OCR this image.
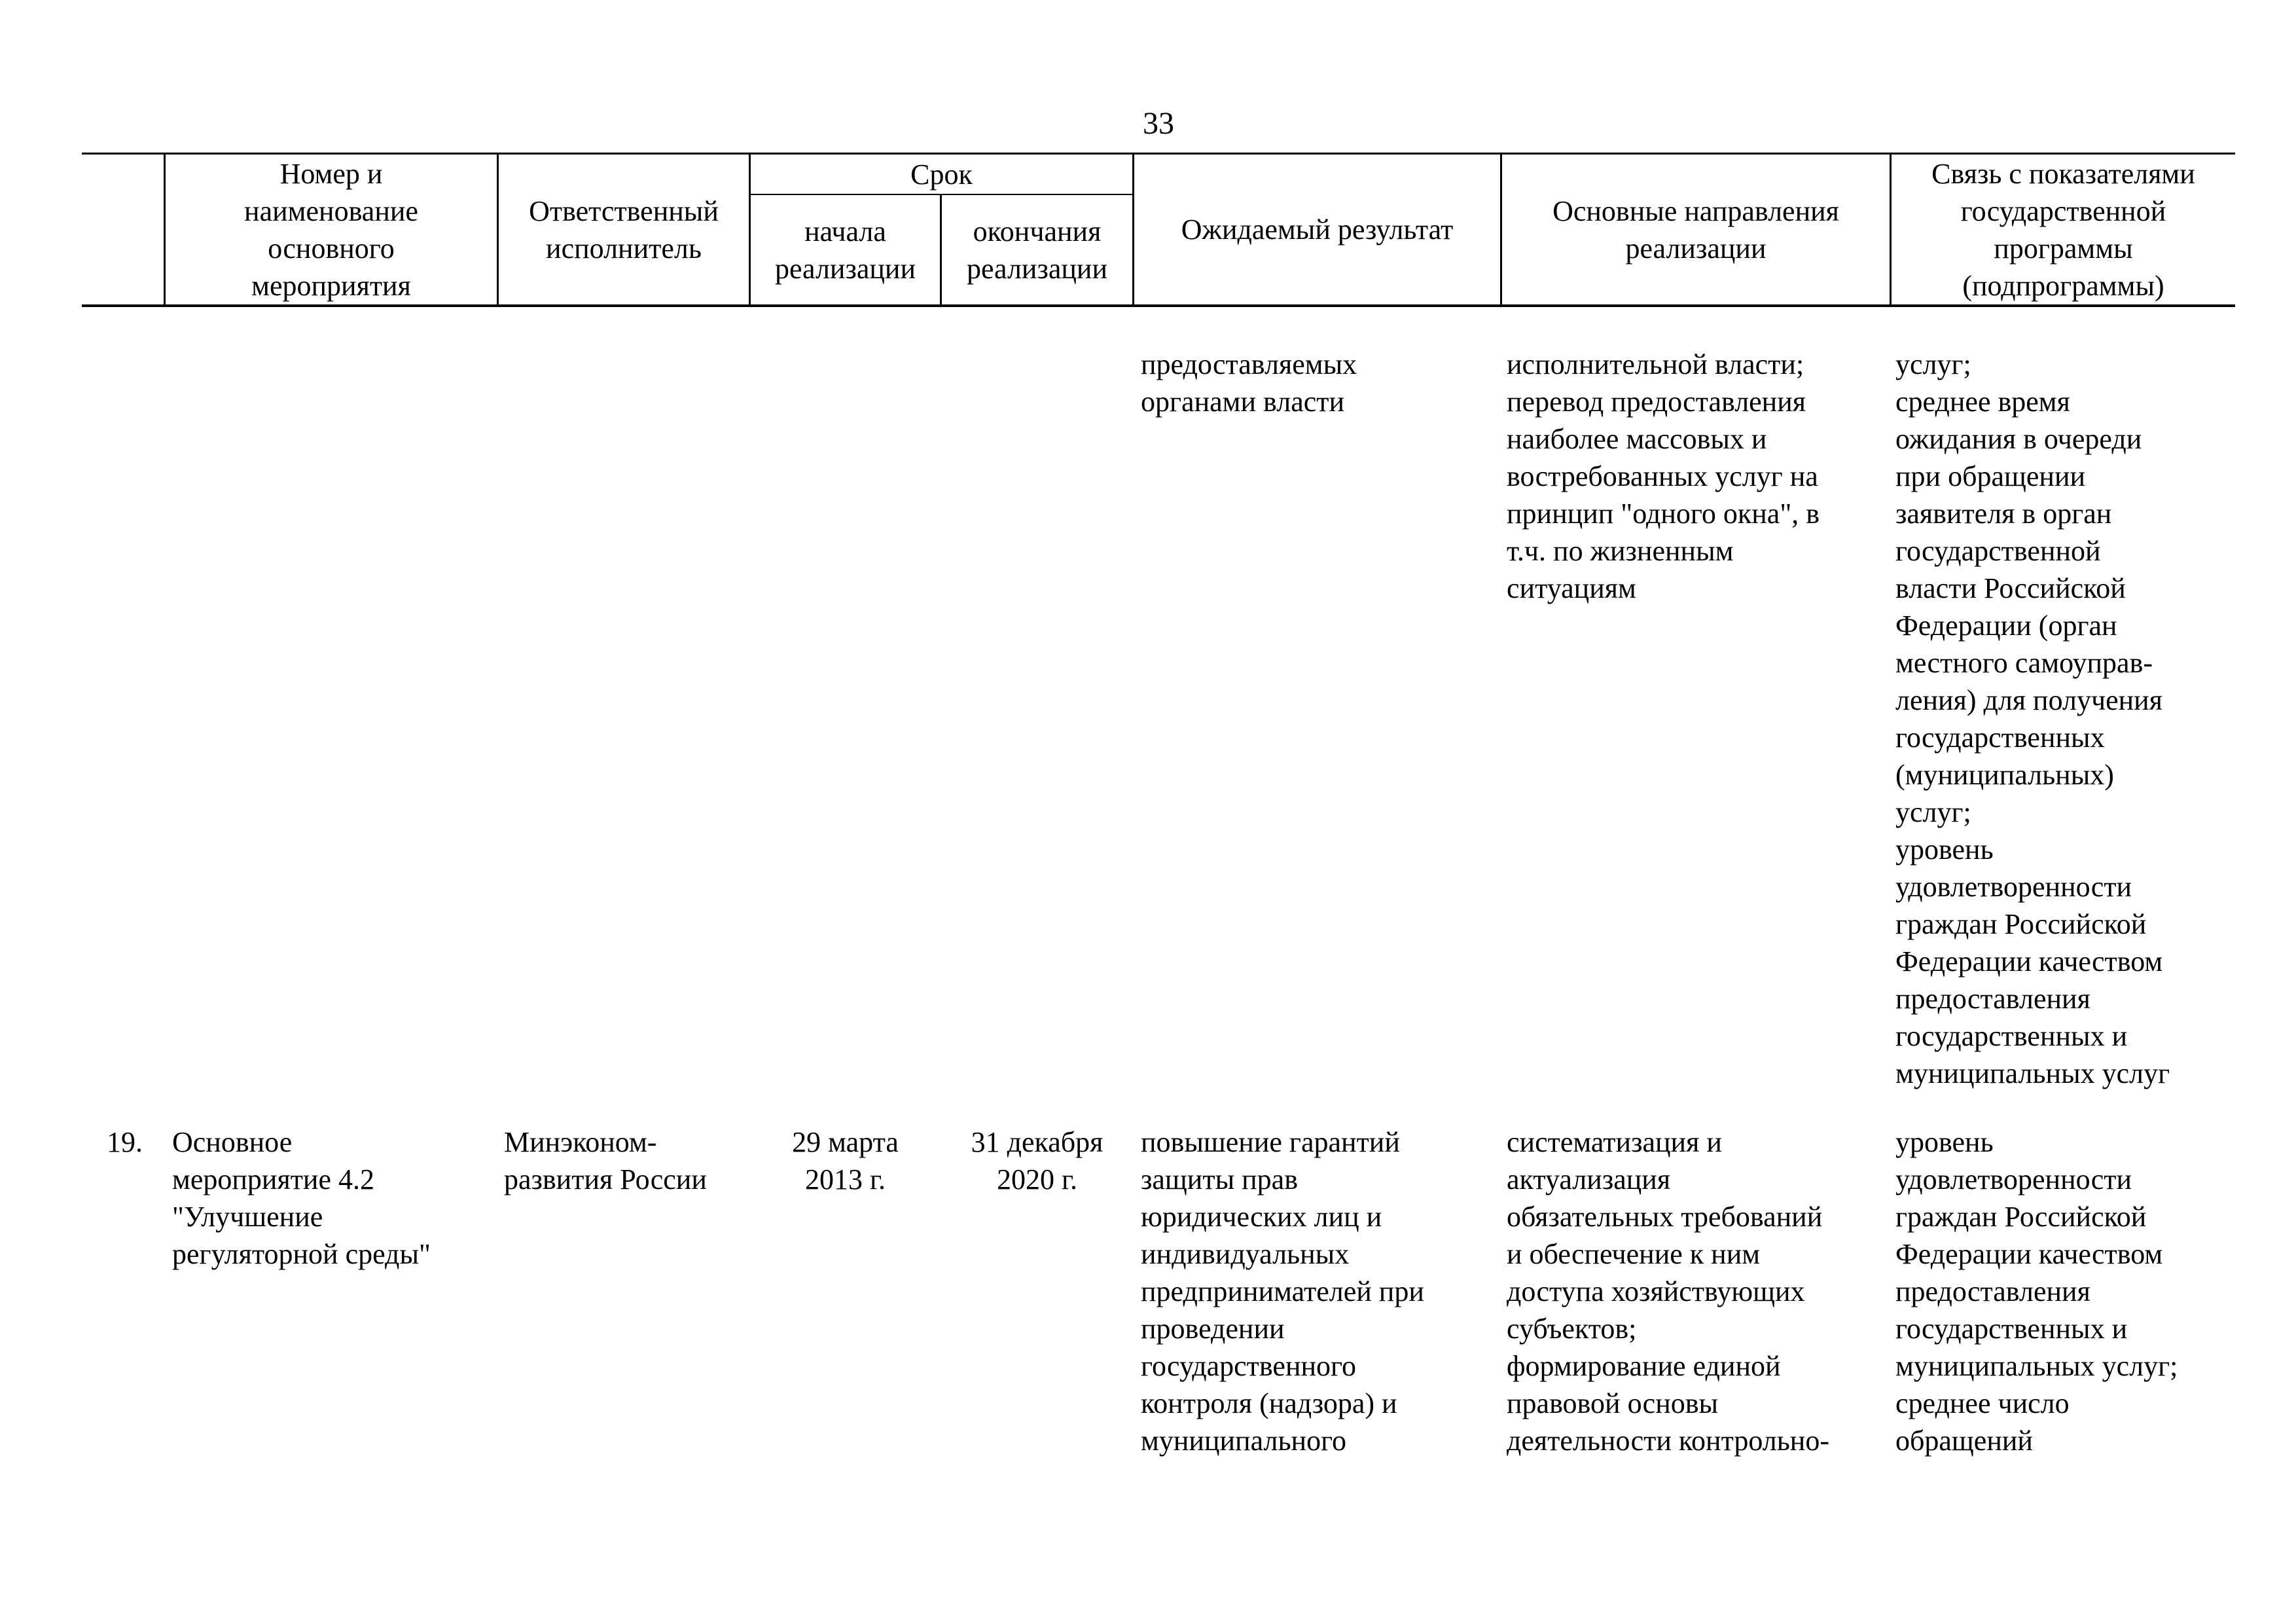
33
Номер и
наименование
основного
мероприятия
Ответственный
исполнитель
Срок
начала
реализации
окончания
реализации
Ожидаемый результат
Основные направления
реализации
Связь с показателями
государственной
программы
(подпрограммы)
предоставляемых
органами власти
исполнительной власти;
перевод предоставления
наиболее массовых и
востребованных услуг на
принцип "одного окна", в
т.ч. по жизненным
ситуациям
услуг;
среднее время
ожидания в очереди
при обращении
заявителя в орган
государственной
власти Российской
Федерации (орган
местного самоуправ-
ления) для получения
государственных
(муниципальных)
услуг;
уровень
удовлетворенности
граждан Российской
Федерации качеством
предоставления
государственных и
муниципальных услуг
19. Основное
мероприятие 4.2
"Улучшение
регуляторной среды"
Минэконом-
развития России
29 марта
2013 г.
31 декабря
2020 г.
повышение гарантий
защиты прав
юридических лиц и
индивидуальных
предпринимателей при
проведении
государственного
контроля (надзора) и
муниципального
систематизация и
актуализация
обязательных требований
и обеспечение к ним
доступа хозяйствующих
субъектов;
формирование единой
правовой основы
деятельности контрольно-
уровень
удовлетворенности
граждан Российской
Федерации качеством
предоставления
государственных и
муниципальных услуг;
среднее число
обращений
